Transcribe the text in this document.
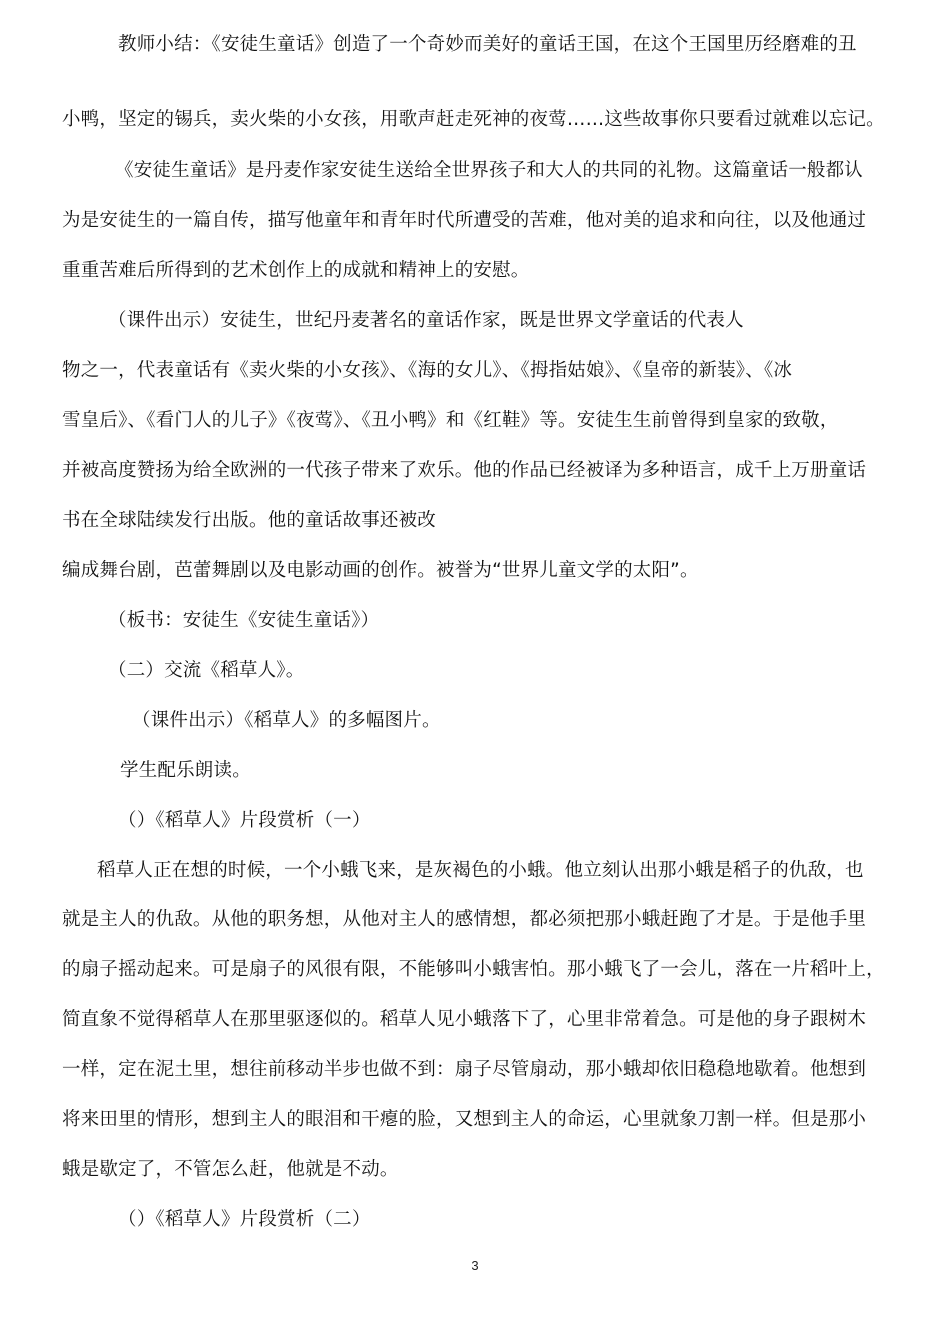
教师小结：《安徒生童话》创造了一个奇妙而美好的童话王国，在这个王国里历经磨难的丑
小鸭，坚定的锡兵，卖火柴的小女孩，用歌声赶走死神的夜莺……这些故事你只要看过就难以忘记。
《安徒生童话》是丹麦作家安徒生送给全世界孩子和大人的共同的礼物。这篇童话一般都认
为是安徒生的一篇自传，描写他童年和青年时代所遭受的苦难，他对美的追求和向往，以及他通过
重重苦难后所得到的艺术创作上的成就和精神上的安慰。
（课件出示）安徒生，世纪丹麦著名的童话作家，既是世界文学童话的代表人
物之一，代表童话有《卖火柴的小女孩》、《海的女儿》、《拇指姑娘》、《皇帝的新装》、《冰
雪皇后》、《看门人的儿子》《夜莺》、《丑小鸭》和《红鞋》等。安徒生生前曾得到皇家的致敬，
并被高度赞扬为给全欧洲的一代孩子带来了欢乐。他的作品已经被译为多种语言，成千上万册童话
书在全球陆续发行出版。他的童话故事还被改
编成舞台剧，芭蕾舞剧以及电影动画的创作。被誉为“世界儿童文学的太阳”。
（板书：安徒生《安徒生童话》）
（二）交流《稻草人》。
（课件出示）《稻草人》的多幅图片。
学生配乐朗读。
（）《稻草人》片段赏析（一）
稻草人正在想的时候，一个小蛾飞来，是灰褐色的小蛾。他立刻认出那小蛾是稻子的仇敌，也
就是主人的仇敌。从他的职务想，从他对主人的感情想，都必须把那小蛾赶跑了才是。于是他手里
的扇子摇动起来。可是扇子的风很有限，不能够叫小蛾害怕。那小蛾飞了一会儿，落在一片稻叶上，
简直象不觉得稻草人在那里驱逐似的。稻草人见小蛾落下了，心里非常着急。可是他的身子跟树木
一样，定在泥土里，想往前移动半步也做不到：扇子尽管扇动，那小蛾却依旧稳稳地歇着。他想到
将来田里的情形，想到主人的眼泪和干瘪的脸，又想到主人的命运，心里就象刀割一样。但是那小
蛾是歇定了，不管怎么赶，他就是不动。
（）《稻草人》片段赏析（二）
3
